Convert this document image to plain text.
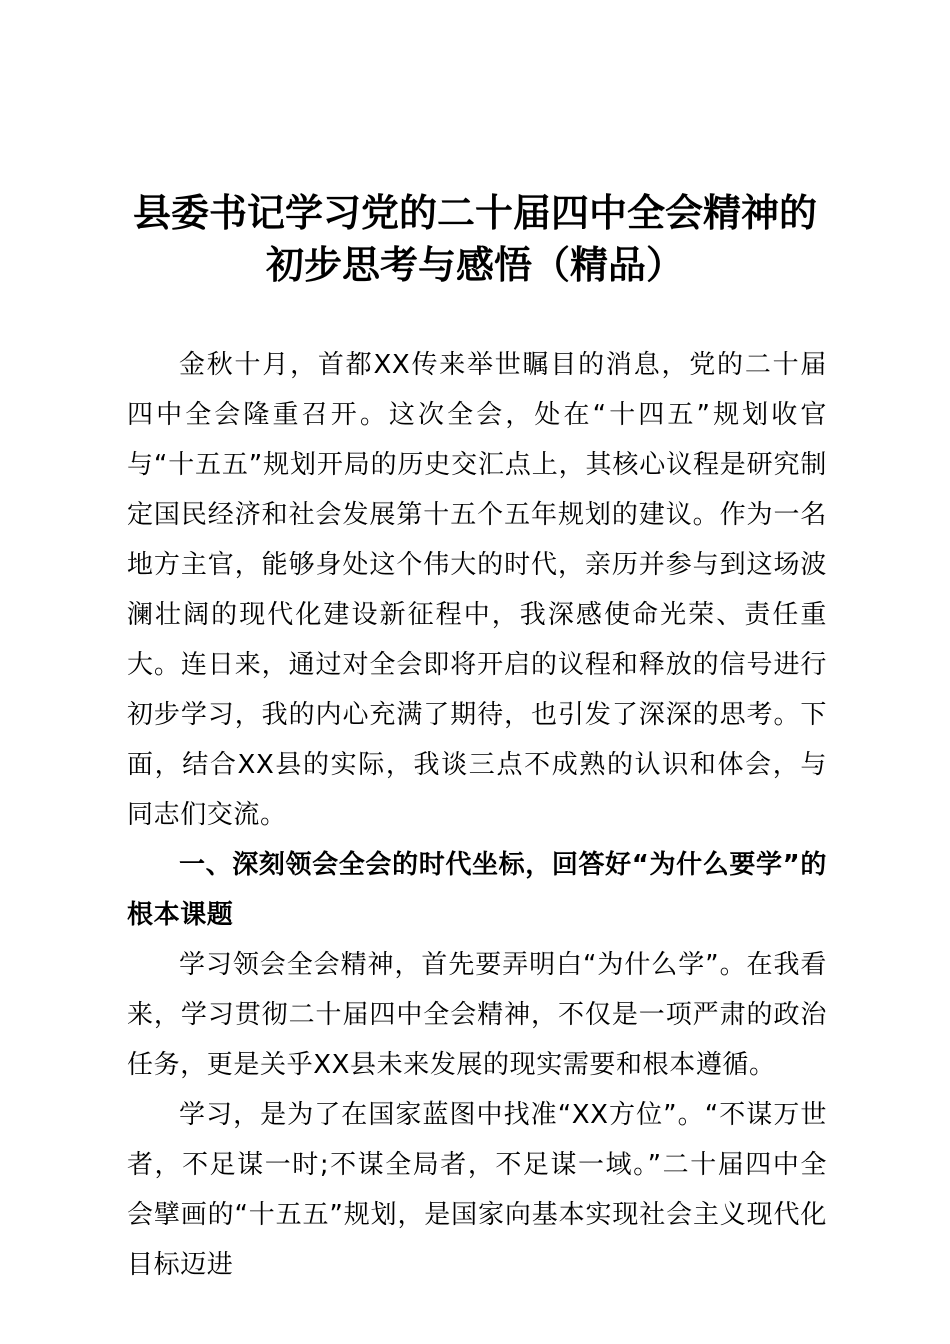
县委书记学习党的二十届四中全会精神的
初步思考与感悟（精品）

金秋十月，首都XX传来举世瞩目的消息，党的二十届四中全会隆重召开。这次全会，处在“十四五”规划收官与“十五五”规划开局的历史交汇点上，其核心议程是研究制定国民经济和社会发展第十五个五年规划的建议。作为一名地方主官，能够身处这个伟大的时代，亲历并参与到这场波澜壮阔的现代化建设新征程中，我深感使命光荣、责任重大。连日来，通过对全会即将开启的议程和释放的信号进行初步学习，我的内心充满了期待，也引发了深深的思考。下面，结合XX县的实际，我谈三点不成熟的认识和体会，与同志们交流。

一、深刻领会全会的时代坐标，回答好“为什么要学”的根本课题

学习领会全会精神，首先要弄明白“为什么学”。在我看来，学习贯彻二十届四中全会精神，不仅是一项严肃的政治任务，更是关乎XX县未来发展的现实需要和根本遵循。

学习，是为了在国家蓝图中找准“XX方位”。“不谋万世者，不足谋一时;不谋全局者，不足谋一域。”二十届四中全会擘画的“十五五”规划，是国家向基本实现社会主义现代化目标迈进
